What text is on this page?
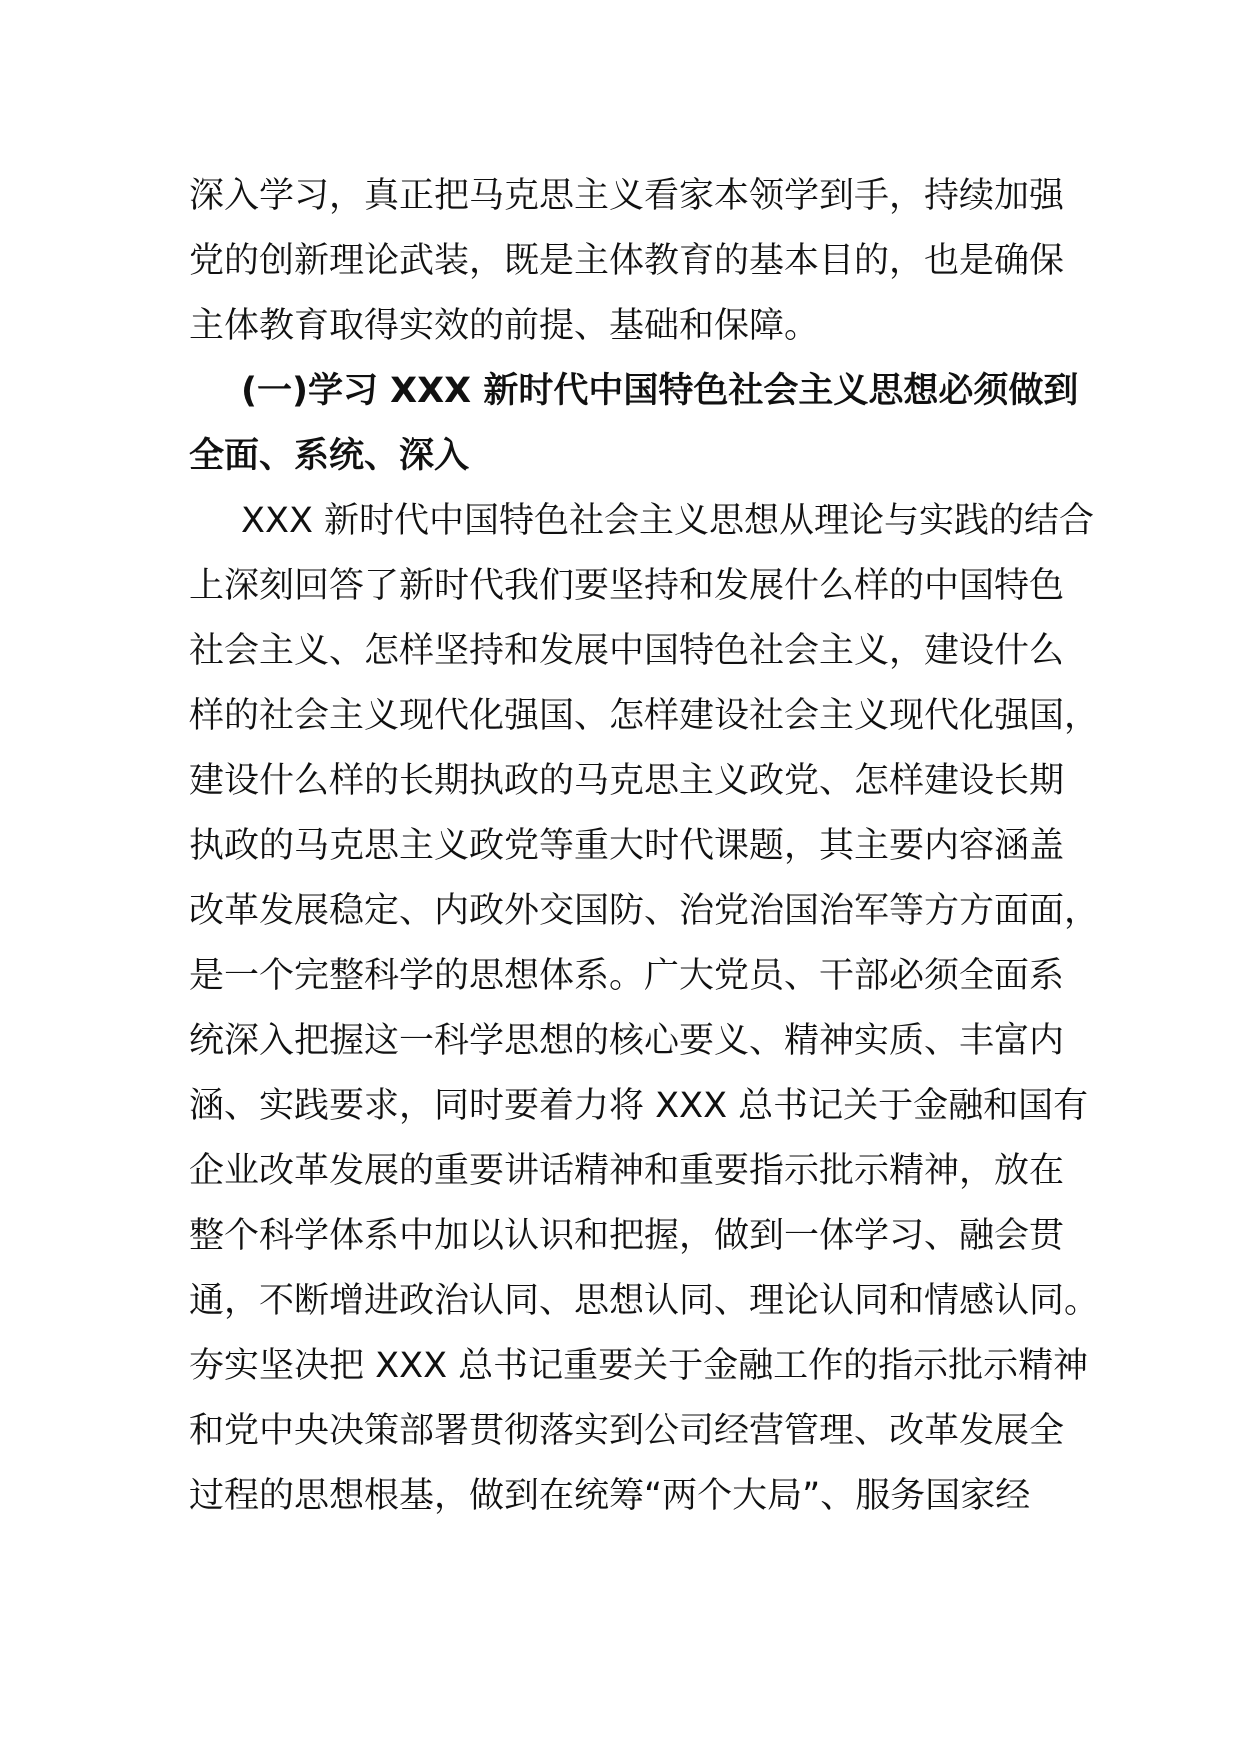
深入学习，真正把马克思主义看家本领学到手，持续加强
党的创新理论武装，既是主体教育的基本目的，也是确保
主体教育取得实效的前提、基础和保障。
(一)学习 XXX 新时代中国特色社会主义思想必须做到
全面、系统、深入
XXX 新时代中国特色社会主义思想从理论与实践的结合
上深刻回答了新时代我们要坚持和发展什么样的中国特色
社会主义、怎样坚持和发展中国特色社会主义，建设什么
样的社会主义现代化强国、怎样建设社会主义现代化强国，
建设什么样的长期执政的马克思主义政党、怎样建设长期
执政的马克思主义政党等重大时代课题，其主要内容涵盖
改革发展稳定、内政外交国防、治党治国治军等方方面面，
是一个完整科学的思想体系。广大党员、干部必须全面系
统深入把握这一科学思想的核心要义、精神实质、丰富内
涵、实践要求，同时要着力将 XXX 总书记关于金融和国有
企业改革发展的重要讲话精神和重要指示批示精神，放在
整个科学体系中加以认识和把握，做到一体学习、融会贯
通，不断增进政治认同、思想认同、理论认同和情感认同。
夯实坚决把 XXX 总书记重要关于金融工作的指示批示精神
和党中央决策部署贯彻落实到公司经营管理、改革发展全
过程的思想根基，做到在统筹“两个大局”、服务国家经
